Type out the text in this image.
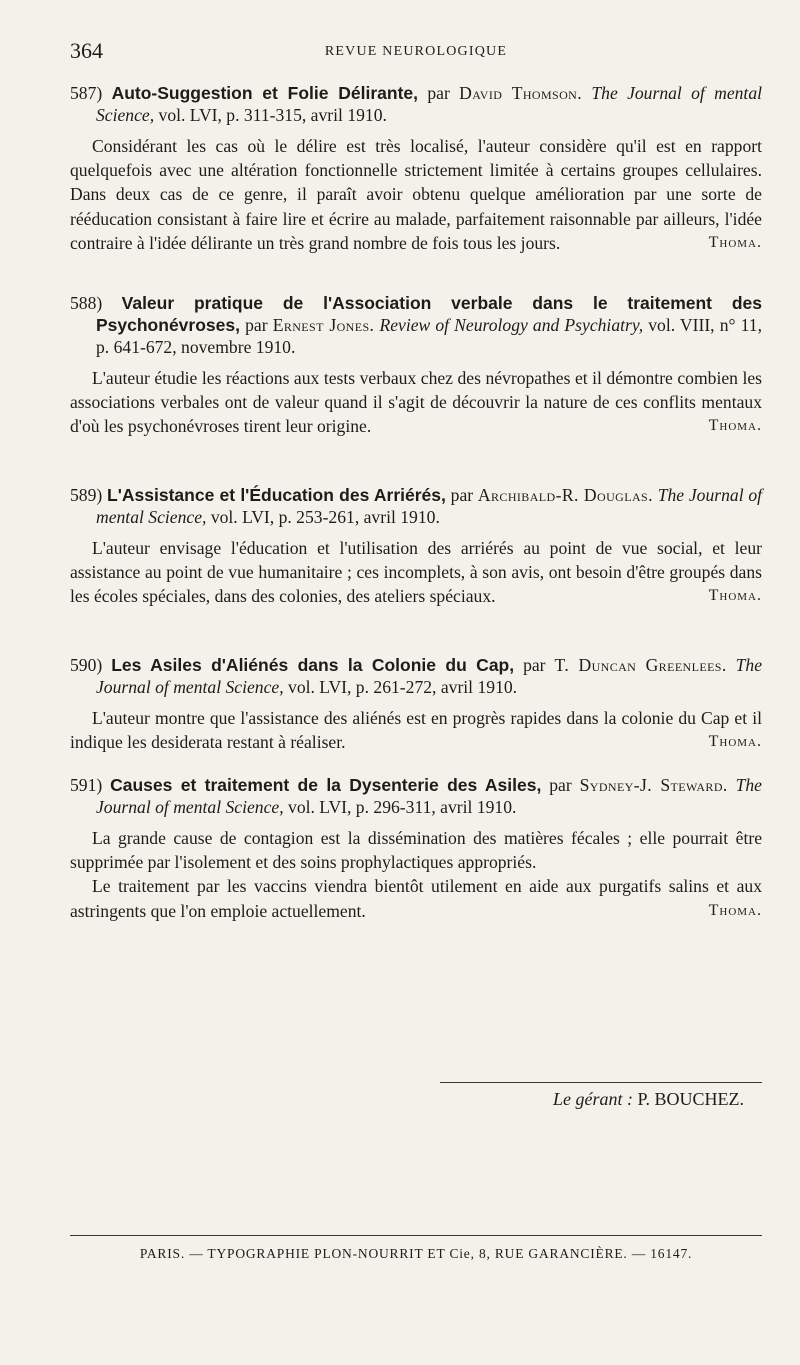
364	REVUE NEUROLOGIQUE

587) Auto-Suggestion et Folie Délirante, par David Thomson. The Journal of mental Science, vol. LVI, p. 311-315, avril 1910.

Considérant les cas où le délire est très localisé, l'auteur considère qu'il est en rapport quelquefois avec une altération fonctionnelle strictement limitée à certains groupes cellulaires. Dans deux cas de ce genre, il paraît avoir obtenu quelque amélioration par une sorte de rééducation consistant à faire lire et écrire au malade, parfaitement raisonnable par ailleurs, l'idée contraire à l'idée délirante un très grand nombre de fois tous les jours.	Thoma.

588) Valeur pratique de l'Association verbale dans le traitement des Psychonévroses, par Ernest Jones. Review of Neurology and Psychiatry, vol. VIII, n° 11, p. 641-672, novembre 1910.

L'auteur étudie les réactions aux tests verbaux chez des névropathes et il démontre combien les associations verbales ont de valeur quand il s'agit de découvrir la nature de ces conflits mentaux d'où les psychonévroses tirent leur origine.	Thoma.

589) L'Assistance et l'Éducation des Arriérés, par Archibald-R. Douglas. The Journal of mental Science, vol. LVI, p. 253-261, avril 1910.

L'auteur envisage l'éducation et l'utilisation des arriérés au point de vue social, et leur assistance au point de vue humanitaire ; ces incomplets, à son avis, ont besoin d'être groupés dans les écoles spéciales, dans des colonies, des ateliers spéciaux.	Thoma.

590) Les Asiles d'Aliénés dans la Colonie du Cap, par T. Duncan Greenlees. The Journal of mental Science, vol. LVI, p. 261-272, avril 1910.

L'auteur montre que l'assistance des aliénés est en progrès rapides dans la colonie du Cap et il indique les desiderata restant à réaliser.	Thoma.

591) Causes et traitement de la Dysenterie des Asiles, par Sydney-J. Steward. The Journal of mental Science, vol. LVI, p. 296-311, avril 1910.

La grande cause de contagion est la dissémination des matières fécales ; elle pourrait être supprimée par l'isolement et des soins prophylactiques appropriés.

Le traitement par les vaccins viendra bientôt utilement en aide aux purgatifs salins et aux astringents que l'on emploie actuellement.	Thoma.

Le gérant : P. BOUCHEZ.
PARIS. — TYPOGRAPHIE PLON-NOURRIT ET Cie, 8, RUE GARANCIÈRE. — 16147.
